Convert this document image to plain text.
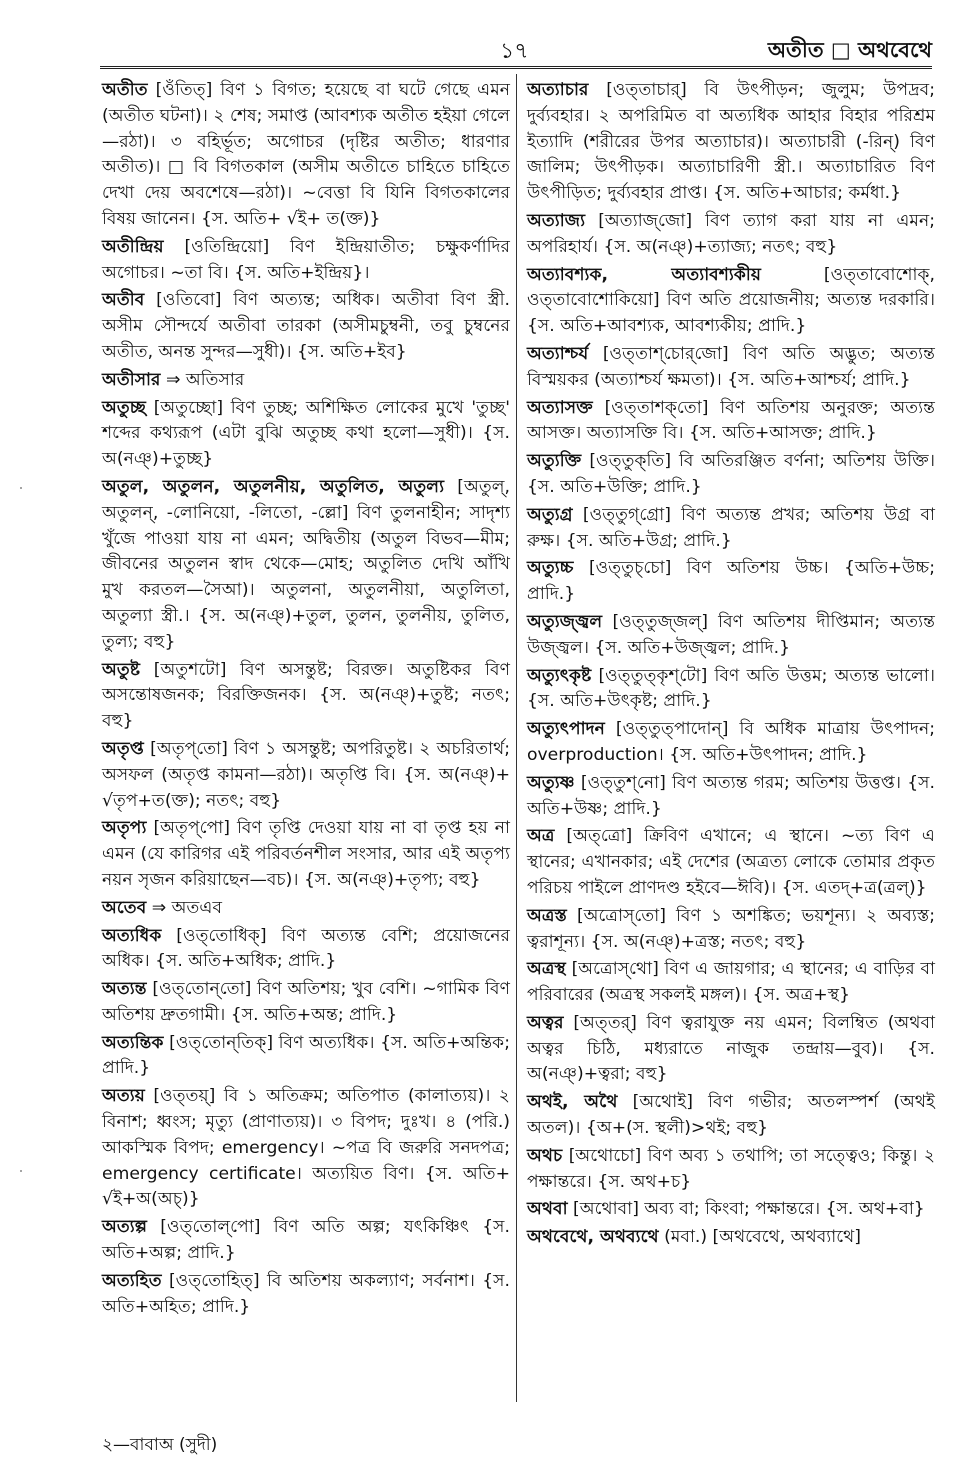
১৭	অতীত □ অথবেথে

অতীত [ওঁতিত্] বিণ ১ বিগত; হয়েছে বা ঘটে গেছে এমন (অতীত ঘটনা)। ২ শেষ; সমাপ্ত (আবশ্যক অতীত হইয়া গেলে—রঠা)। ৩ বহির্ভূত; অগোচর (দৃষ্টির অতীত; ধারণার অতীত)। □ বি বিগতকাল (অসীম অতীতে চাহিতে চাহিতে দেখা দেয় অবশেষে—রঠা)। ~বেত্তা বি যিনি বিগতকালের বিষয় জানেন। {স. অতি+ √ই+ ত(ক্ত)}

অতীন্দ্রিয় [ওতিন্দ্রিয়ো] বিণ ইন্দ্রিয়াতীত; চক্ষুকর্ণাদির অগোচর। ~তা বি। {স. অতি+ইন্দ্রিয়}।

অতীব [ওতিবো] বিণ অত্যন্ত; অধিক। অতীবা বিণ স্ত্রী. অসীম সৌন্দর্যে অতীবা তারকা (অসীমচুম্বনী, তবু চুম্বনের অতীত, অনন্ত সুন্দর—সুধী)। {স. অতি+ইব}

অতীসার ⇒ অতিসার

অতুচ্ছ [অতুচ্ছো] বিণ তুচ্ছ; অশিক্ষিত লোকের মুখে 'তুচ্ছ' শব্দের কথ্যরূপ (এটা বুঝি অতুচ্ছ কথা হলো—সুধী)। {স. অ(নঞ্)+তুচ্ছ}

অতুল, অতুলন, অতুলনীয়, অতুলিত, অতুল্য [অতুল্, অতুলন্, -লোনিয়ো, -লিতো, -ল্লো] বিণ তুলনাহীন; সাদৃশ্য খুঁজে পাওয়া যায় না এমন; অদ্বিতীয় (অতুল বিভব—মীম; জীবনের অতুলন স্বাদ থেকে—মোহ; অতুলিত দেখি আঁখি মুখ করতল—সৈআ)। অতুলনা, অতুলনীয়া, অতুলিতা, অতুল্যা স্ত্রী.। {স. অ(নঞ্)+তুল, তুলন, তুলনীয়, তুলিত, তুল্য; বহু}

অতুষ্ট [অতুশটো] বিণ অসন্তুষ্ট; বিরক্ত। অতুষ্টিকর বিণ অসন্তোষজনক; বিরক্তিজনক। {স. অ(নঞ্)+তুষ্ট; নতৎ; বহু}

অতৃপ্ত [অতৃপ্‌তো] বিণ ১ অসন্তুষ্ট; অপরিতুষ্ট। ২ অচরিতার্থ; অসফল (অতৃপ্ত কামনা—রঠা)। অতৃপ্তি বি। {স. অ(নঞ্)+ √তৃপ+ত(ক্ত); নতৎ; বহু}

অতৃপ্য [অতৃপ্‌পো] বিণ তৃপ্তি দেওয়া যায় না বা তৃপ্ত হয় না এমন (যে কারিগর এই পরিবর্তনশীল সংসার, আর এই অতৃপ্য নয়ন সৃজন করিয়াছেন—বচ)। {স. অ(নঞ্)+তৃপ্য; বহু}

অতেব ⇒ অতএব

অত্যধিক [ওত্‌তোধিক্] বিণ অত্যন্ত বেশি; প্রয়োজনের অধিক। {স. অতি+অধিক; প্রাদি.}

অত্যন্ত [ওত্‌তোন্‌তো] বিণ অতিশয়; খুব বেশি। ~গামিক বিণ অতিশয় দ্রুতগামী। {স. অতি+অন্ত; প্রাদি.}

অত্যন্তিক [ওত্‌তোন্‌তিক্] বিণ অত্যধিক। {স. অতি+অন্তিক; প্রাদি.}

অত্যয় [ওত্‌তয়্] বি ১ অতিক্রম; অতিপাত (কালাত্যয়)। ২ বিনাশ; ধ্বংস; মৃত্যু (প্রাণাত্যয়)। ৩ বিপদ; দুঃখ। ৪ (পরি.) আকস্মিক বিপদ; emergency। ~পত্র বি জরুরি সনদপত্র; emergency certificate। অত্যয়িত বিণ। {স. অতি+ √ই+অ(অচ্)}

অত্যল্প [ওত্‌তোল্‌পো] বিণ অতি অল্প; যৎকিঞ্চিৎ {স. অতি+অল্প; প্রাদি.}

অত্যহিত [ওত্‌তোহিত্] বি অতিশয় অকল্যাণ; সর্বনাশ। {স. অতি+অহিত; প্রাদি.}

অত্যাচার [ওত্‌তাচার্] বি উৎপীড়ন; জুলুম; উপদ্রব; দুর্ব্যবহার। ২ অপরিমিত বা অত্যধিক আহার বিহার পরিশ্রম ইত্যাদি (শরীরের উপর অত্যাচার)। অত্যাচারী (-রিন্) বিণ জালিম; উৎপীড়ক। অত্যাচারিণী স্ত্রী.। অত্যাচারিত বিণ উৎপীড়িত; দুর্ব্যবহার প্রাপ্ত। {স. অতি+আচার; কর্মধা.}

অত্যাজ্য [অত্যাজ্‌জো] বিণ ত্যাগ করা যায় না এমন; অপরিহার্য। {স. অ(নঞ্)+ত্যাজ্য; নতৎ; বহু}

অত্যাবশ্যক, অত্যাবশ্যকীয়	[ওত্‌তাবোশোক্, ওত্‌তাবোশোকিয়ো] বিণ অতি প্রয়োজনীয়; অত্যন্ত দরকারি। {স. অতি+আবশ্যক, আবশ্যকীয়; প্রাদি.}

অত্যাশ্চর্য [ওত্‌তাশ্‌চোর্‌জো] বিণ অতি অদ্ভুত; অত্যন্ত বিস্ময়কর (অত্যাশ্চর্য ক্ষমতা)। {স. অতি+আশ্চর্য; প্রাদি.}

অত্যাসক্ত [ওত্‌তাশক্‌তো] বিণ অতিশয় অনুরক্ত; অত্যন্ত আসক্ত। অত্যাসক্তি বি। {স. অতি+আসক্ত; প্রাদি.}

অত্যুক্তি [ওত্‌তুক্‌তি] বি অতিরঞ্জিত বর্ণনা; অতিশয় উক্তি। {স. অতি+উক্তি; প্রাদি.}

অত্যুগ্র [ওত্‌তুগ্‌গ্রো] বিণ অত্যন্ত প্রখর; অতিশয় উগ্র বা রুক্ষ। {স. অতি+উগ্র; প্রাদি.}

অত্যুচ্চ [ওত্‌তুচ্‌চো] বিণ অতিশয় উচ্চ। {অতি+উচ্চ; প্রাদি.}

অত্যুজ্জ্বল [ওত্‌তুজ্‌জল্] বিণ অতিশয় দীপ্তিমান; অত্যন্ত উজ্জ্বল। {স. অতি+উজ্জ্বল; প্রাদি.}

অত্যুৎকৃষ্ট [ওত্‌তুত্‌কৃশ্‌টো] বিণ অতি উত্তম; অত্যন্ত ভালো। {স. অতি+উৎকৃষ্ট; প্রাদি.}

অত্যুৎপাদন [ওত্‌তুত্‌পাদোন্] বি অধিক মাত্রায় উৎপাদন; overproduction। {স. অতি+উৎপাদন; প্রাদি.}

অত্যুষ্ণ [ওত্‌তুশ্‌নো] বিণ অত্যন্ত গরম; অতিশয় উত্তপ্ত। {স. অতি+উষ্ণ; প্রাদি.}

অত্র [অত্‌ত্রো] ক্রিবিণ এখানে; এ স্থানে। ~ত্য বিণ এ স্থানের; এখানকার; এই দেশের (অত্রত্য লোকে তোমার প্রকৃত পরিচয় পাইলে প্রাণদণ্ড হইবে—ঈবি)। {স. এতদ্+ত্র(ত্রল্)}

অত্রস্ত [অত্রোস্‌তো] বিণ ১ অশঙ্কিত; ভয়শূন্য। ২ অব্যস্ত; ত্বরাশূন্য। {স. অ(নঞ্)+ত্রস্ত; নতৎ; বহু}

অত্রস্থ [অত্রোস্‌থো] বিণ এ জায়গার; এ স্থানের; এ বাড়ির বা পরিবারের (অত্রস্থ সকলই মঙ্গল)। {স. অত্র+স্থ}

অত্বর [অত্‌তর্] বিণ ত্বরাযুক্ত নয় এমন; বিলম্বিত (অথবা অত্বর চিঠি, মধ্যরাতে নাজুক তন্দ্রায়—বুব)। {স. অ(নঞ্)+ত্বরা; বহু}

অথই, অথৈ [অথোই] বিণ গভীর; অতলস্পর্শ (অথই অতল)। {অ+(স. স্থলী)>থই; বহু}

অথচ [অথোচো] বিণ অব্য ১ তথাপি; তা সত্ত্বেও; কিন্তু। ২ পক্ষান্তরে। {স. অথ+চ}

অথবা [অথোবা] অব্য বা; কিংবা; পক্ষান্তরে। {স. অথ+বা}

অথবেথে, অথব্যথে (মবা.) [অথবেথে, অথব্যাথে]

২—বাবাঅ (সুদী)
